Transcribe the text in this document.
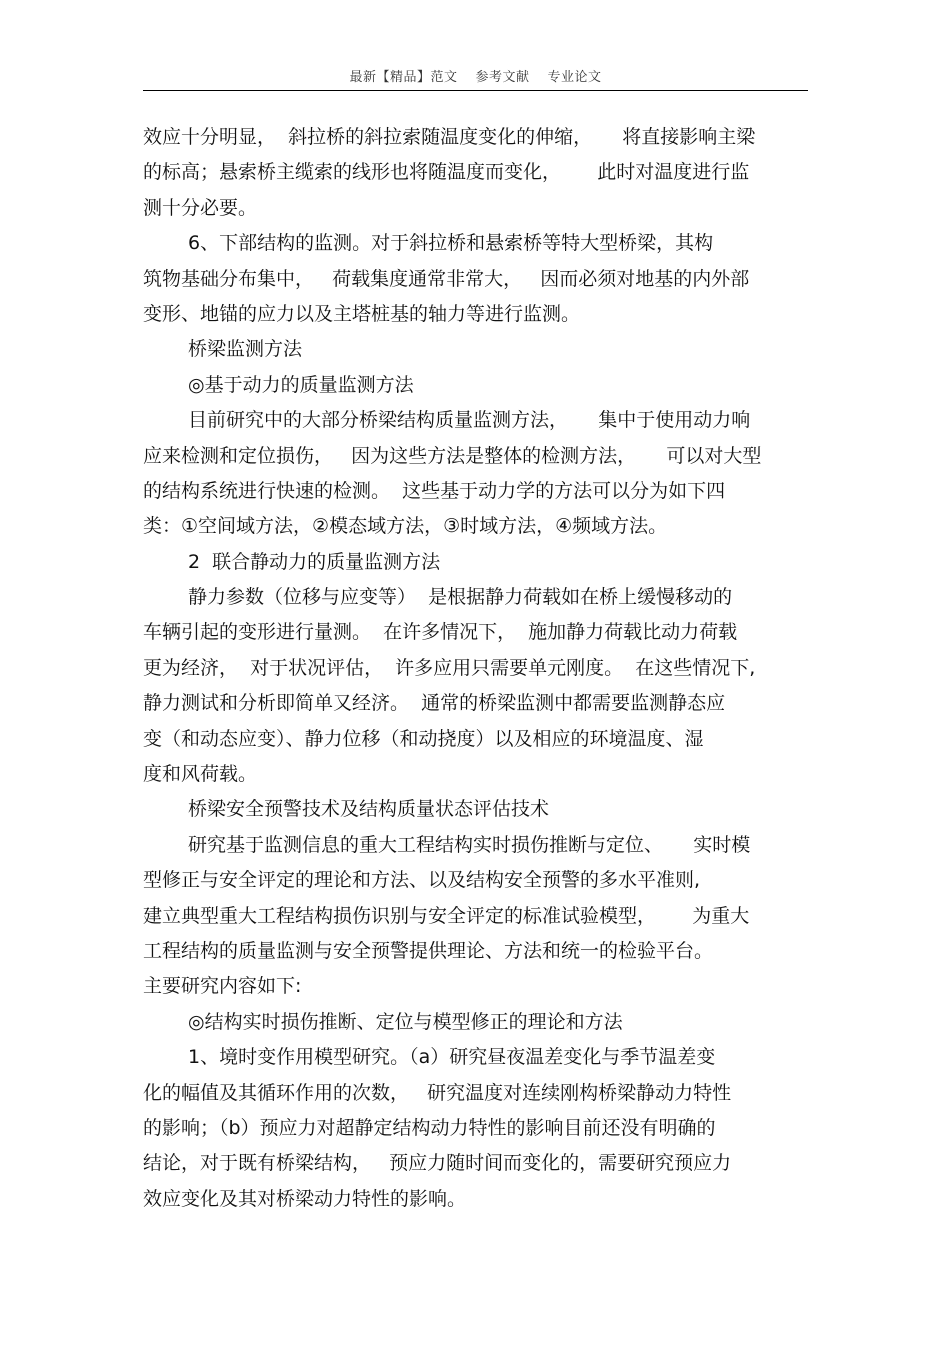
最新【精品】范文 参考文献 专业论文
效应十分明显，  斜拉桥的斜拉索随温度变化的伸缩，     将直接影响主梁
的标高；悬索桥主缆索的线形也将随温度而变化，      此时对温度进行监
测十分必要。
6、下部结构的监测。对于斜拉桥和悬索桥等特大型桥梁，其构
筑物基础分布集中，   荷载集度通常非常大，   因而必须对地基的内外部
变形、地锚的应力以及主塔桩基的轴力等进行监测。
桥梁监测方法
◎基于动力的质量监测方法
目前研究中的大部分桥梁结构质量监测方法，     集中于使用动力响
应来检测和定位损伤，   因为这些方法是整体的检测方法，     可以对大型
的结构系统进行快速的检测。  这些基于动力学的方法可以分为如下四
类：①空间域方法，②模态域方法，③时域方法，④频域方法。
2  联合静动力的质量监测方法
静力参数（位移与应变等）  是根据静力荷载如在桥上缓慢移动的
车辆引起的变形进行量测。  在许多情况下，  施加静力荷载比动力荷载
更为经济，  对于状况评估，  许多应用只需要单元刚度。  在这些情况下,
静力测试和分析即简单又经济。  通常的桥梁监测中都需要监测静态应
变（和动态应变）、静力位移（和动挠度）以及相应的环境温度、湿
度和风荷载。
桥梁安全预警技术及结构质量状态评估技术
研究基于监测信息的重大工程结构实时损伤推断与定位、     实时模
型修正与安全评定的理论和方法、以及结构安全预警的多水平准则,
建立典型重大工程结构损伤识别与安全评定的标准试验模型，      为重大
工程结构的质量监测与安全预警提供理论、方法和统一的检验平台。
主要研究内容如下:
◎结构实时损伤推断、定位与模型修正的理论和方法
1、境时变作用模型研究。（a）研究昼夜温差变化与季节温差变
化的幅值及其循环作用的次数，   研究温度对连续刚构桥梁静动力特性
的影响；（b）预应力对超静定结构动力特性的影响目前还没有明确的
结论，对于既有桥梁结构，   预应力随时间而变化的，需要研究预应力
效应变化及其对桥梁动力特性的影响。
